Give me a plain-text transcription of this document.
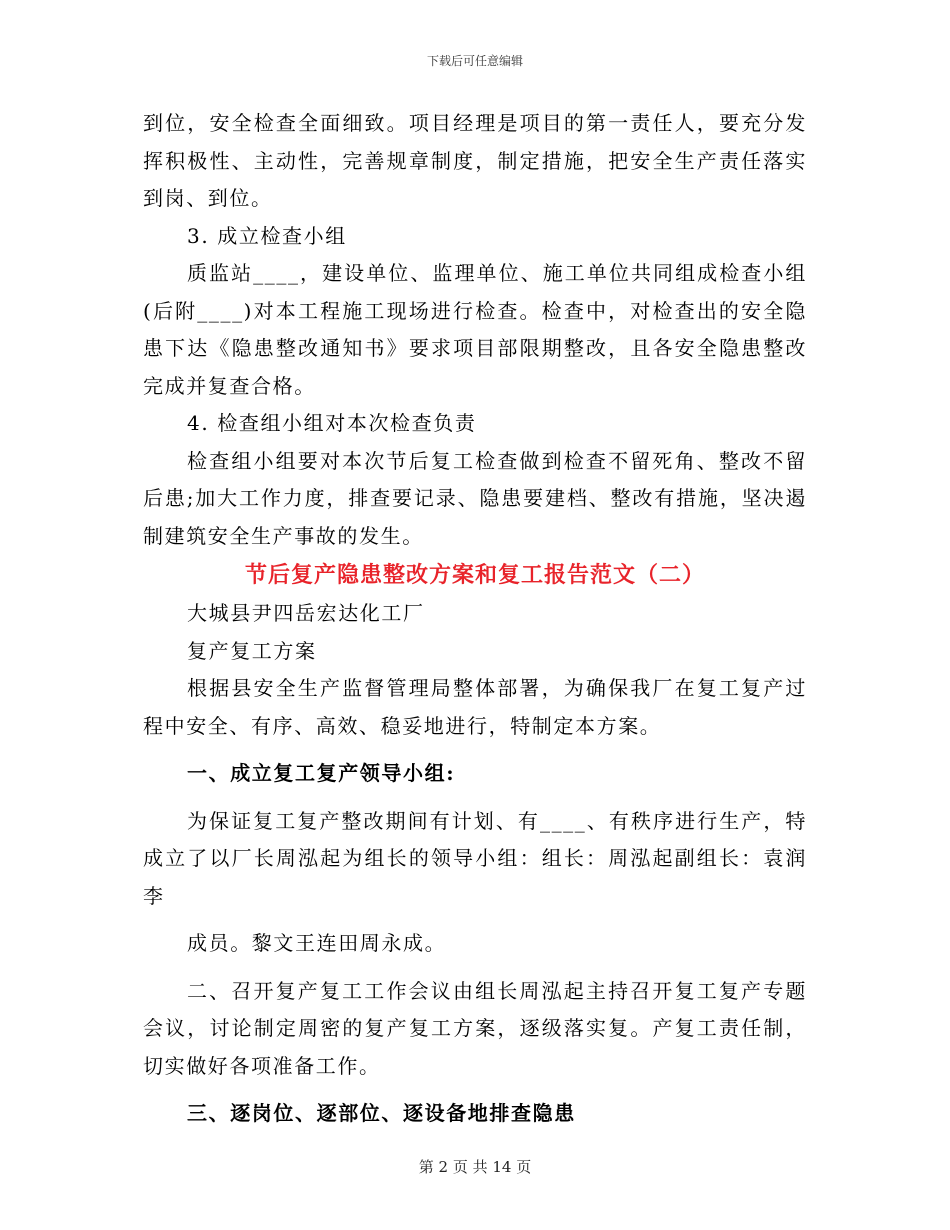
下载后可任意编辑

到位，安全检查全面细致。项目经理是项目的第一责任人，要充分发挥积极性、主动性，完善规章制度，制定措施，把安全生产责任落实到岗、到位。

3. 成立检查小组

质监站____，建设单位、监理单位、施工单位共同组成检查小组(后附____)对本工程施工现场进行检查。检查中，对检查出的安全隐患下达《隐患整改通知书》要求项目部限期整改，且各安全隐患整改完成并复查合格。

4. 检查组小组对本次检查负责

检查组小组要对本次节后复工检查做到检查不留死角、整改不留后患;加大工作力度，排查要记录、隐患要建档、整改有措施，坚决遏制建筑安全生产事故的发生。

节后复产隐患整改方案和复工报告范文（二）

大城县尹四岳宏达化工厂

复产复工方案

根据县安全生产监督管理局整体部署，为确保我厂在复工复产过程中安全、有序、高效、稳妥地进行，特制定本方案。

一、成立复工复产领导小组:

为保证复工复产整改期间有计划、有____、有秩序进行生产，特成立了以厂长周泓起为组长的领导小组：组长：周泓起副组长：袁润李

成员。黎文王连田周永成。

二、召开复产复工工作会议由组长周泓起主持召开复工复产专题会议，讨论制定周密的复产复工方案，逐级落实复。产复工责任制，切实做好各项准备工作。

三、逐岗位、逐部位、逐设备地排查隐患

第 2 页 共 14 页
